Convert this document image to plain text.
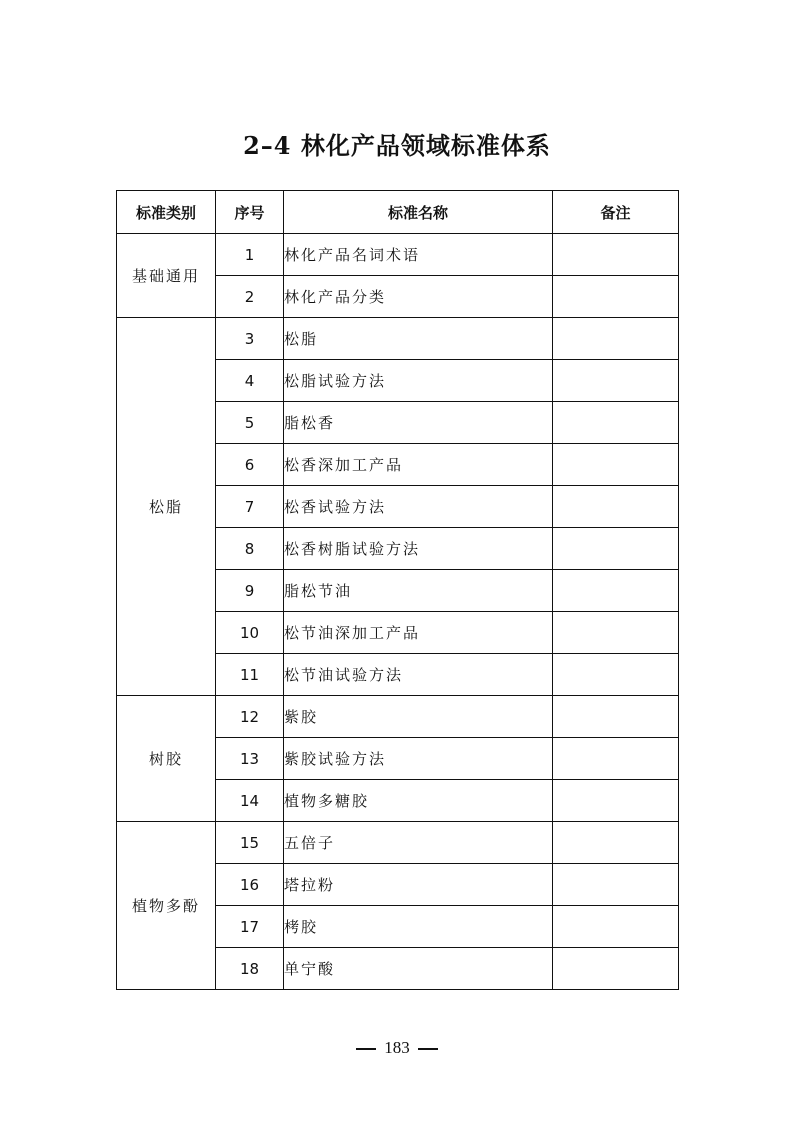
2–4 林化产品领域标准体系
标准类别	序号	标准名称	备注
基础通用	1	林化产品名词术语	
	2	林化产品分类	
松脂	3	松脂	
	4	松脂试验方法	
	5	脂松香	
	6	松香深加工产品	
	7	松香试验方法	
	8	松香树脂试验方法	
	9	脂松节油	
	10	松节油深加工产品	
	11	松节油试验方法	
树胶	12	紫胶	
	13	紫胶试验方法	
	14	植物多糖胶	
植物多酚	15	五倍子	
	16	塔拉粉	
	17	栲胶	
	18	单宁酸	
183
